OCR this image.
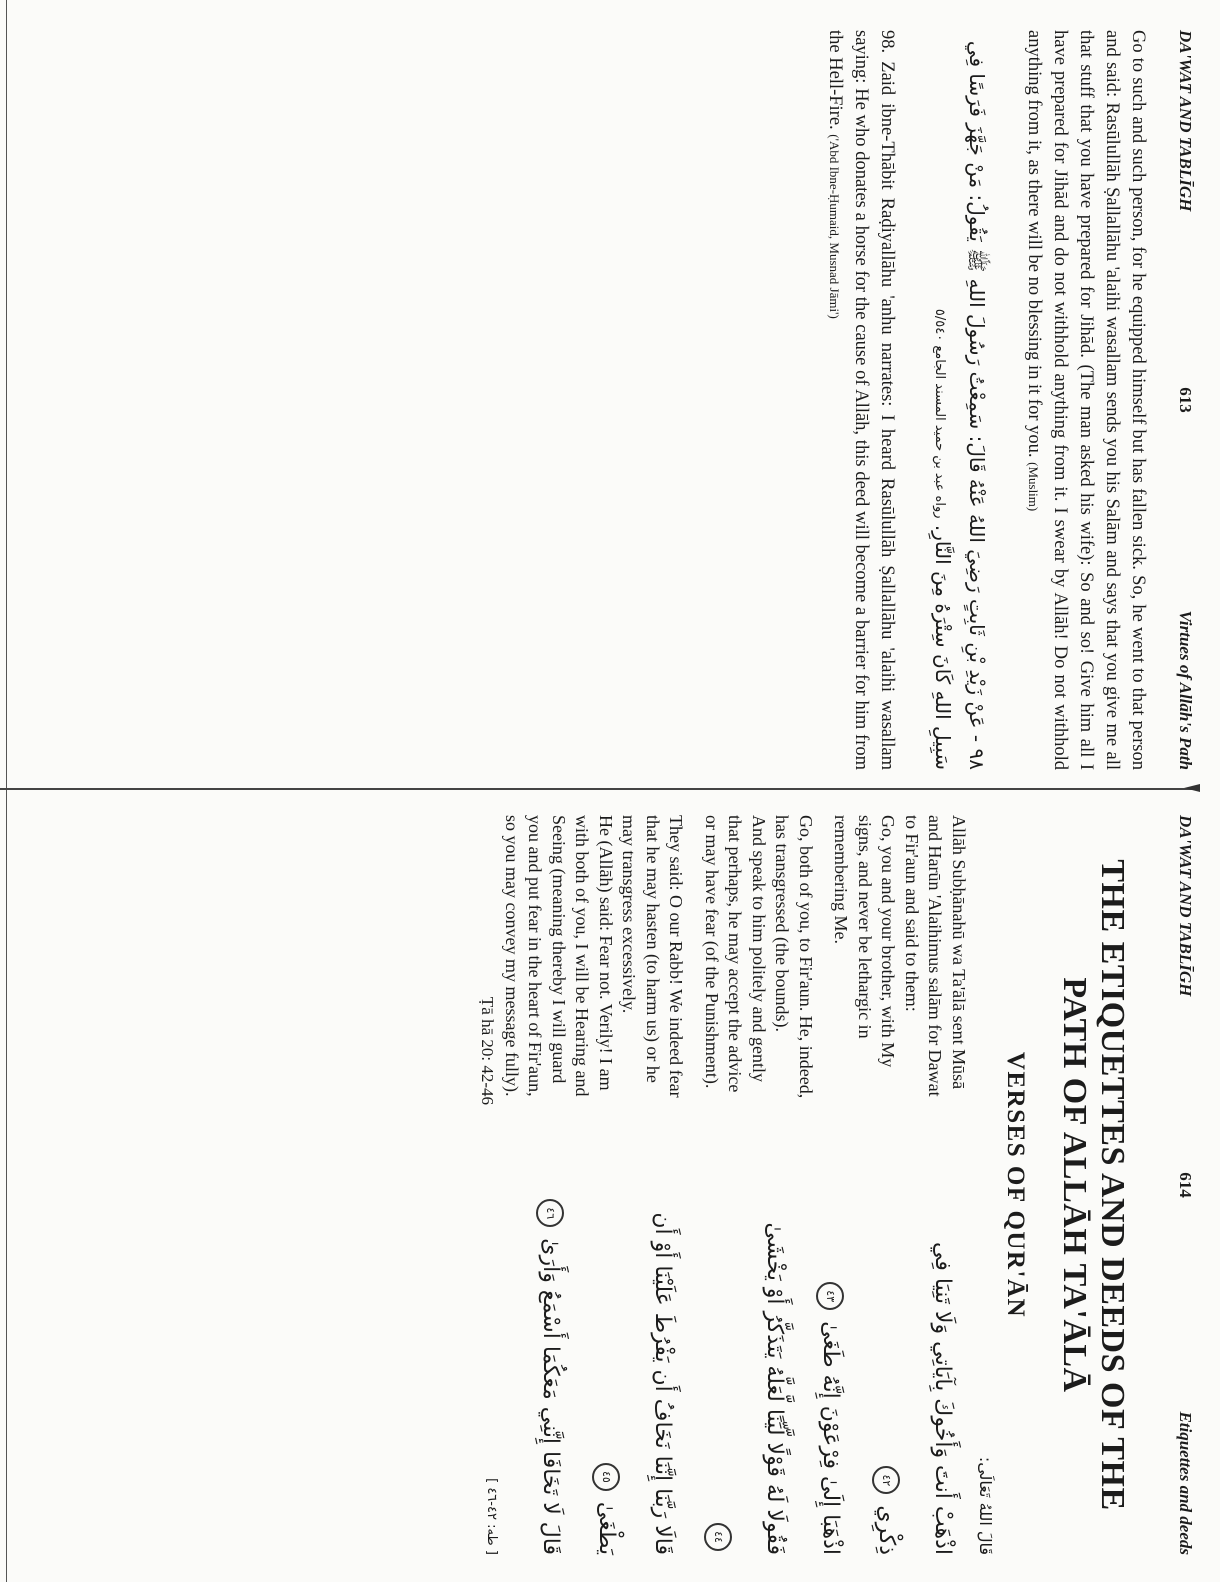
DA'WAT AND TABLĪGH
613
Virtues of Allāh's Path

Go to such and such person, for he equipped himself but has fallen sick. So, he went to that person and said: Rasūlullāh Ṣallallāhu 'alaihi wasallam sends you his Salām and says that you give me all that stuff that you have prepared for Jihād. (The man asked his wife): So and so! Give him all I have prepared for Jihād and do not withhold anything from it. I swear by Allāh! Do not withhold anything from it, as there will be no blessing in it for you. (Muslim)

٩٨ - عَنْ زَيْدِ بْنِ ثَابِتٍ رَضِيَ اللهُ عَنْهُ قَالَ: سَمِعْتُ رَسُولَ اللهِ ﷺ يَقُولُ: مَنْ جَهَّزَ فَرَسًا فِي سَبِيلِ اللهِ كَانَ سِتْرَهُ مِنَ النَّارِ. رواه عبد بن حميد المسند الجامع ٥/٥٤٠

98. Zaid ibne-Thābit Raḍiyallāhu 'anhu narrates: I heard Rasūlullāh Ṣallallāhu 'alaihi wasallam saying: He who donates a horse for the cause of Allāh, this deed will become a barrier for him from the Hell-Fire. ('Abd Ibne-Ḥumaid, Musnad Jāmi')

DA'WAT AND TABLĪGH
614
Etiquettes and deeds
THE ETIQUETTES AND DEEDS OF THE
PATH OF ALLĀH TA'ĀLĀ
VERSES OF QUR'ĀN
قَالَ اللهُ تَعَالَى:

Allāh Subḥānahū wa Ta'ālā sent Mūsā and Harūn 'Alaihimus salām for Dawat to Fir'aun and said to them:

Go, you and your brother, with My signs, and never be lethargic in remembering Me.

Go, both of you, to Fir'aun. He, indeed, has transgressed (the bounds).

And speak to him politely and gently that perhaps, he may accept the advice or may have fear (of the Punishment).

They said: O our Rabb! We indeed fear that he may hasten (to harm us) or he may transgress excessively.

He (Allāh) said: Fear not. Verily! I am with both of you, I will be Hearing and Seeing (meaning thereby I will guard you and put fear in the heart of Fir'aun, so you may convey my message fully).

Ṭā hā 20: 42-46

اذْهَبْ أَنتَ وَأَخُوكَ بِآيَاتِي وَلَا تَنِيَا فِي ذِكْرِي ٤٢

اذْهَبَا إِلَىٰ فِرْعَوْنَ إِنَّهُ طَغَىٰ ٤٣

فَقُولَا لَهُ قَوْلًا لَّيِّنًا لَّعَلَّهُ يَتَذَكَّرُ أَوْ يَخْشَىٰ ٤٤

قَالَا رَبَّنَا إِنَّنَا نَخَافُ أَن يَفْرُطَ عَلَيْنَا أَوْ أَن يَطْغَىٰ ٤٥

قَالَ لَا تَخَافَا إِنَّنِي مَعَكُمَا أَسْمَعُ وَأَرَىٰ ٤٦ [ طه: ٤٢-٤٦ ]
